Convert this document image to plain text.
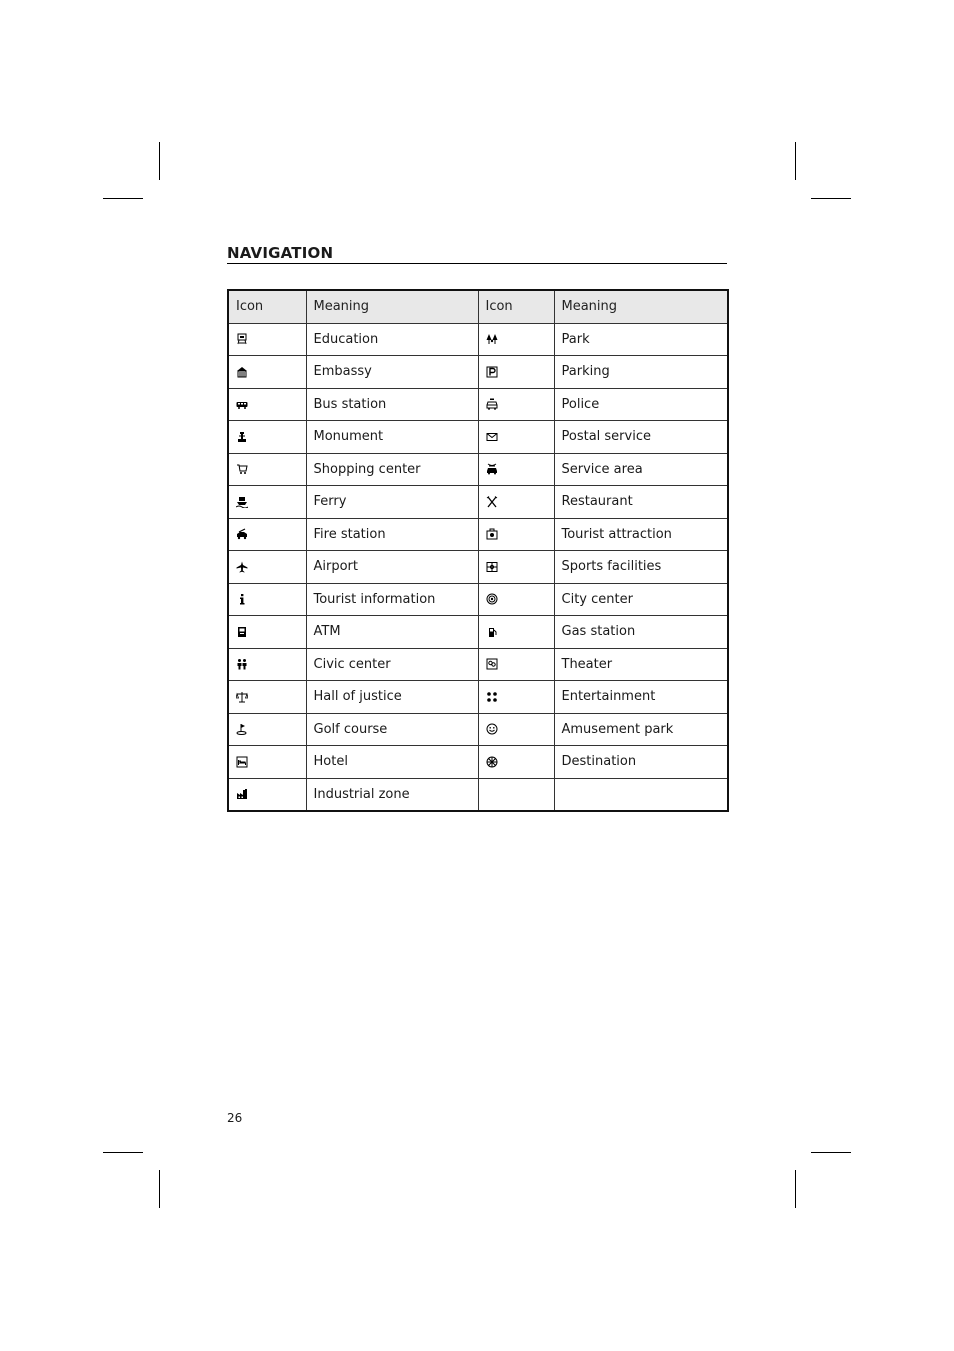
NAVIGATION
Icon	Meaning	Icon	Meaning

	Education		Park

	Embassy		Parking

	Bus station		Police

	Monument		Postal service

	Shopping center		Service area

	Ferry		Restaurant

	Fire station		Tourist attraction

	Airport		Sports facilities

	Tourist information		City center

	ATM		Gas station

	Civic center		Theater

	Hall of justice		Entertainment

	Golf course		Amusement park

	Hotel		Destination

	Industrial zone		
26
